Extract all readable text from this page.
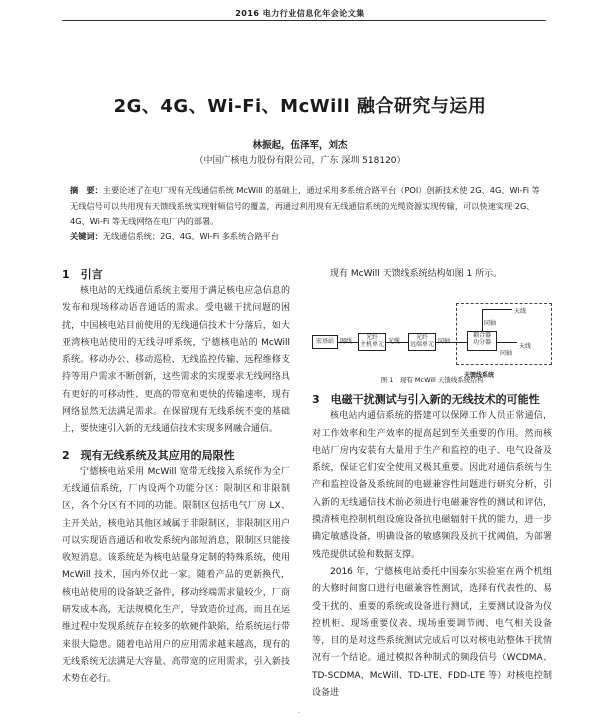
2016 电力行业信息化年会论文集
2G、4G、Wi-Fi、McWill 融合研究与运用
林振起，伍泽军，刘杰
（中国广核电力股份有限公司，广东 深圳 518120）
摘　要：主要论述了在电厂现有无线通信系统 McWill 的基础上，通过采用多系统合路平台（POI）创新技术使 2G、4G、Wi-Fi 等无线信号可以共用现有天馈线系统实现射频信号的覆盖，再通过利用现有无线通信系统的光缆资源实现传输，可以快速实现 2G、4G、Wi-Fi 等无线网络在电厂内的部署。
关键词：无线通信系统；2G、4G、Wi-Fi 多系统合路平台
1　引言

核电站的无线通信系统主要用于满足核电应急信息的发布和现场移动语音通话的需求。受电磁干扰问题的困扰，中国核电站目前使用的无线通信技术十分落后，如大亚湾核电站使用的无线寻呼系统，宁德核电站的 McWill 系统。移动办公、移动巡检、无线监控传输、远程维修支持等用户需求不断创新，这些需求的实现要求无线网络具有更好的可移动性、更高的带宽和更快的传输速率，现有网络显然无法满足需求。在保留现有无线系统不变的基础上，要快速引入新的无线通信技术实现多网融合通信。

2　现有无线系统及其应用的局限性

宁德核电站采用 McWill 宽带无线接入系统作为全厂无线通信系统，厂内设两个功能分区：限制区和非限制区，各个分区有不同的功能。限制区包括电气厂房 LX、主开关站，核电站其他区域属于非限制区，非限制区用户可以实现语音通话和收发系统内部短消息，限制区只能接收短消息。该系统是为核电站量身定制的特殊系统，使用 McWill 技术，国内外仅此一家。随着产品的更新换代，核电站使用的设备缺乏备件，移动终端需求量较少，厂商研发成本高，无法规模化生产，导致造价过高，而且在运维过程中发现系统存在较多的软硬件缺陷，给系统运行带来很大隐患。随着电站用户的应用需求越来越高，现有的无线系统无法满足大容量、高带宽的应用需求，引入新技术势在必行。

现有 McWill 天馈线系统结构如图 1 所示。

宏基站	网线
光纤
主机单元 光缆
光纤
远端单元 同轴
耦合器
功分器
同轴
天线
同轴
天线
天馈线系统
图 1　现有 McWill 天馈线系统结构
3　电磁干扰测试与引入新的无线技术的可能性

核电站内通信系统的搭建可以保障工作人员正常通信，对工作效率和生产效率的提高起到至关重要的作用。然而核电站厂房内安装有大量用于生产和监控的电子、电气设备及系统，保证它们安全使用又极其重要。因此对通信系统与生产和监控设备及系统间的电磁兼容性问题进行研究分析，引入新的无线通信技术前必须进行电磁兼容性的测试和评估，摸清核电控制机组设施设备抗电磁辐射干扰的能力，进一步确定敏感设备，明确设备的敏感频段及抗干扰阈值，为部署残范提供试验和数据支撑。

2016 年，宁德核电站委托中国泰尔实验室在两个机组的大修时间窗口进行电磁兼容性测试，选择有代表性的、易受干扰的、重要的系统或设备进行测试，主要测试设备为仪控机柜、现场重要仪表、现场重要调节阀、电气相关设备等，目的是对这些系统测试完成后可以对核电站整体干扰情况有一个结论。通过模拟各种制式的频段信号（WCDMA、TD-SCDMA、McWill、TD-LTE、FDD-LTE 等）对核电控制设备进

·
